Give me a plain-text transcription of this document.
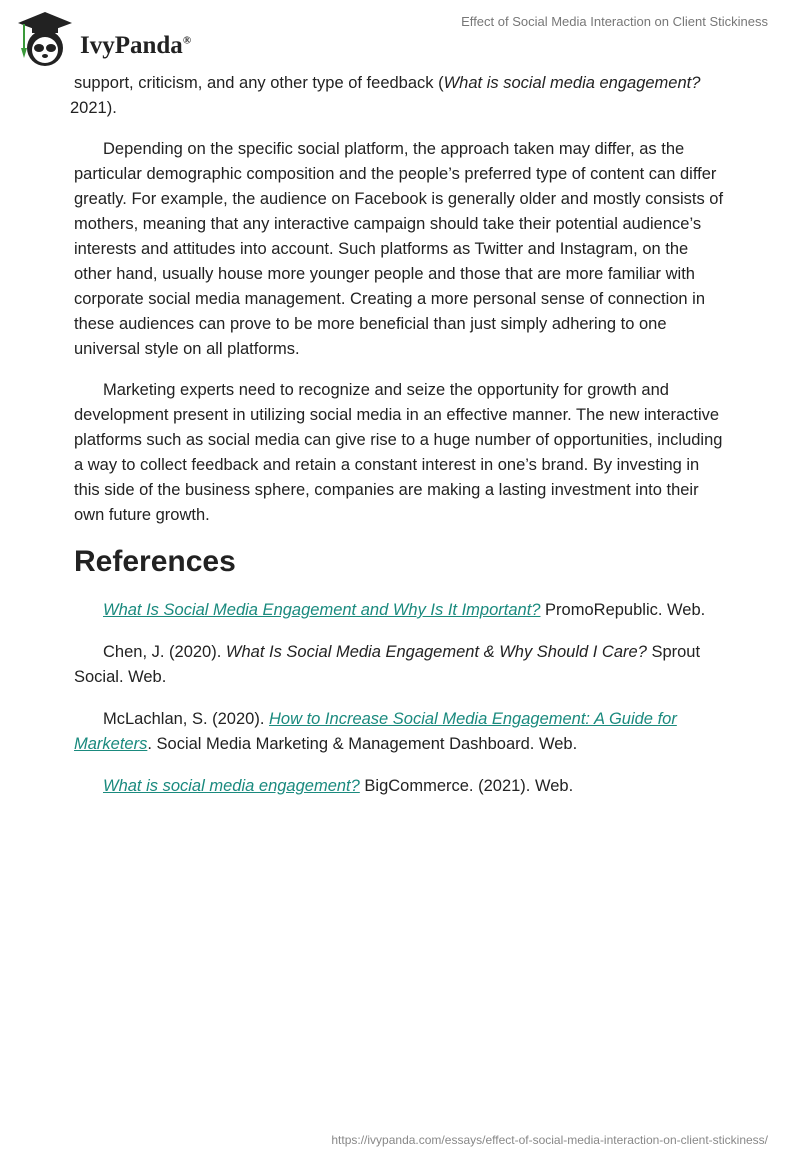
IvyPanda®
Effect of Social Media Interaction on Client Stickiness

support, criticism, and any other type of feedback (What is social media engagement?
2021).

Depending on the specific social platform, the approach taken may differ, as the particular demographic composition and the people’s preferred type of content can differ greatly. For example, the audience on Facebook is generally older and mostly consists of mothers, meaning that any interactive campaign should take their potential audience’s interests and attitudes into account. Such platforms as Twitter and Instagram, on the other hand, usually house more younger people and those that are more familiar with corporate social media management. Creating a more personal sense of connection in these audiences can prove to be more beneficial than just simply adhering to one universal style on all platforms.

Marketing experts need to recognize and seize the opportunity for growth and development present in utilizing social media in an effective manner. The new interactive platforms such as social media can give rise to a huge number of opportunities, including a way to collect feedback and retain a constant interest in one’s brand. By investing in this side of the business sphere, companies are making a lasting investment into their own future growth.

References

What Is Social Media Engagement and Why Is It Important? PromoRepublic. Web.

Chen, J. (2020). What Is Social Media Engagement & Why Should I Care? Sprout Social. Web.

McLachlan, S. (2020). How to Increase Social Media Engagement: A Guide for Marketers. Social Media Marketing & Management Dashboard. Web.

What is social media engagement? BigCommerce. (2021). Web.

https://ivypanda.com/essays/effect-of-social-media-interaction-on-client-stickiness/
